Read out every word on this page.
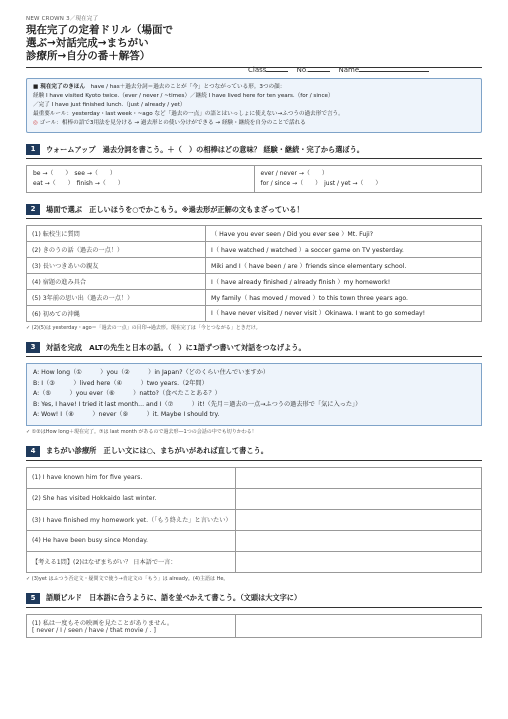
NEW CROWN 3／現在完了
現在完了の定着ドリル（場面で
選ぶ→対話完成→まちがい
診療所→自分の番＋解答）
Class	No.	Name
■ 現在完了のきほん　 have / has＋過去分詞＝過去のことが「今」とつながっている形。3つの顔：
経験 I have visited Kyoto twice.（ever / never / ~times）／継続 I have lived here for ten years.（for / since）
／完了 I have just finished lunch.（just / already / yet）
最重要ルール：yesterday・last week・~ago など「過去の一点」の語とはいっしょに使えない→ふつうの過去形で言う。
◎ ゴール：相棒の語で3用法を見分ける → 過去形との使い分けができる → 経験・継続を自分のことで話れる
1	ウォームアップ　過去分詞を書こう。＋（　）の相棒はどの意味？ 経験・継続・完了から選ぼう。
be →（　　）　see →（　　）
eat →（　　）　finish →（　　）
ever / never →（　　）
for / since →（　　）　just / yet →（　　）
2	場面で選ぶ　正しいほうを○でかこもう。※過去形が正解の文もまざっている！
(1) 転校生に質問	（ Have you ever seen / Did you ever see ）Mt. Fuji?
(2) きのうの話（過去の一点！）	I（ have watched / watched ）a soccer game on TV yesterday.
(3) 長いつきあいの親友	Miki and I（ have been / are ）friends since elementary school.
(4) 宿題の進み具合	I（ have already finished / already finish ）my homework!
(5) 3年前の思い出（過去の一点！）	My family（ has moved / moved ）to this town three years ago.
(6) 初めての沖縄	I（ have never visited / never visit ）Okinawa. I want to go someday!
✓ (2)(5)は yesterday・ago＝「過去の一点」の目印→過去形。現在完了は「今とつながる」ときだけ。
3	対話を完成　ALTの先生と日本の話。（　）に1語ずつ書いて対話をつなげよう。
A: How long（①　　　）you（②　　　）in Japan?（どのくらい住んでいますか）
B: I（③　　　）lived here（④　　　）two years.（2年間）
A:（⑤　　　）you ever（⑥　　　）natto?（食べたことある？）
B: Yes, I have! I tried it last month... and I（⑦　　　）it!（先月＝過去の一点→ふつうの過去形で「気に入った」）
A: Wow! I（⑧　　　）never（⑨　　　）it. Maybe I should try.
✓ ①②はHow long＋現在完了。⑦は last month があるので過去形—1つの会話の中でも切りかわる！
4	まちがい診療所　正しい文には○、まちがいがあれば直して書こう。
(1) I have known him for five years.	
(2) She has visited Hokkaido last winter.	
(3) I have finished my homework yet.（「もう終えた」と言いたい）	
(4) He have been busy since Monday.	
【考える1問】(2)はなぜまちがい？ 日本語で一言：	
✓ (3)yet はふつう否定文・疑問文で使う→肯定文の「もう」は already。(4)主語は He。
5	語順ビルド　日本語に合うように、語を並べかえて書こう。（文頭は大文字に）
(1) 私は一度もその映画を見たことがありません。
[ never / I / seen / have / that movie / . ]
